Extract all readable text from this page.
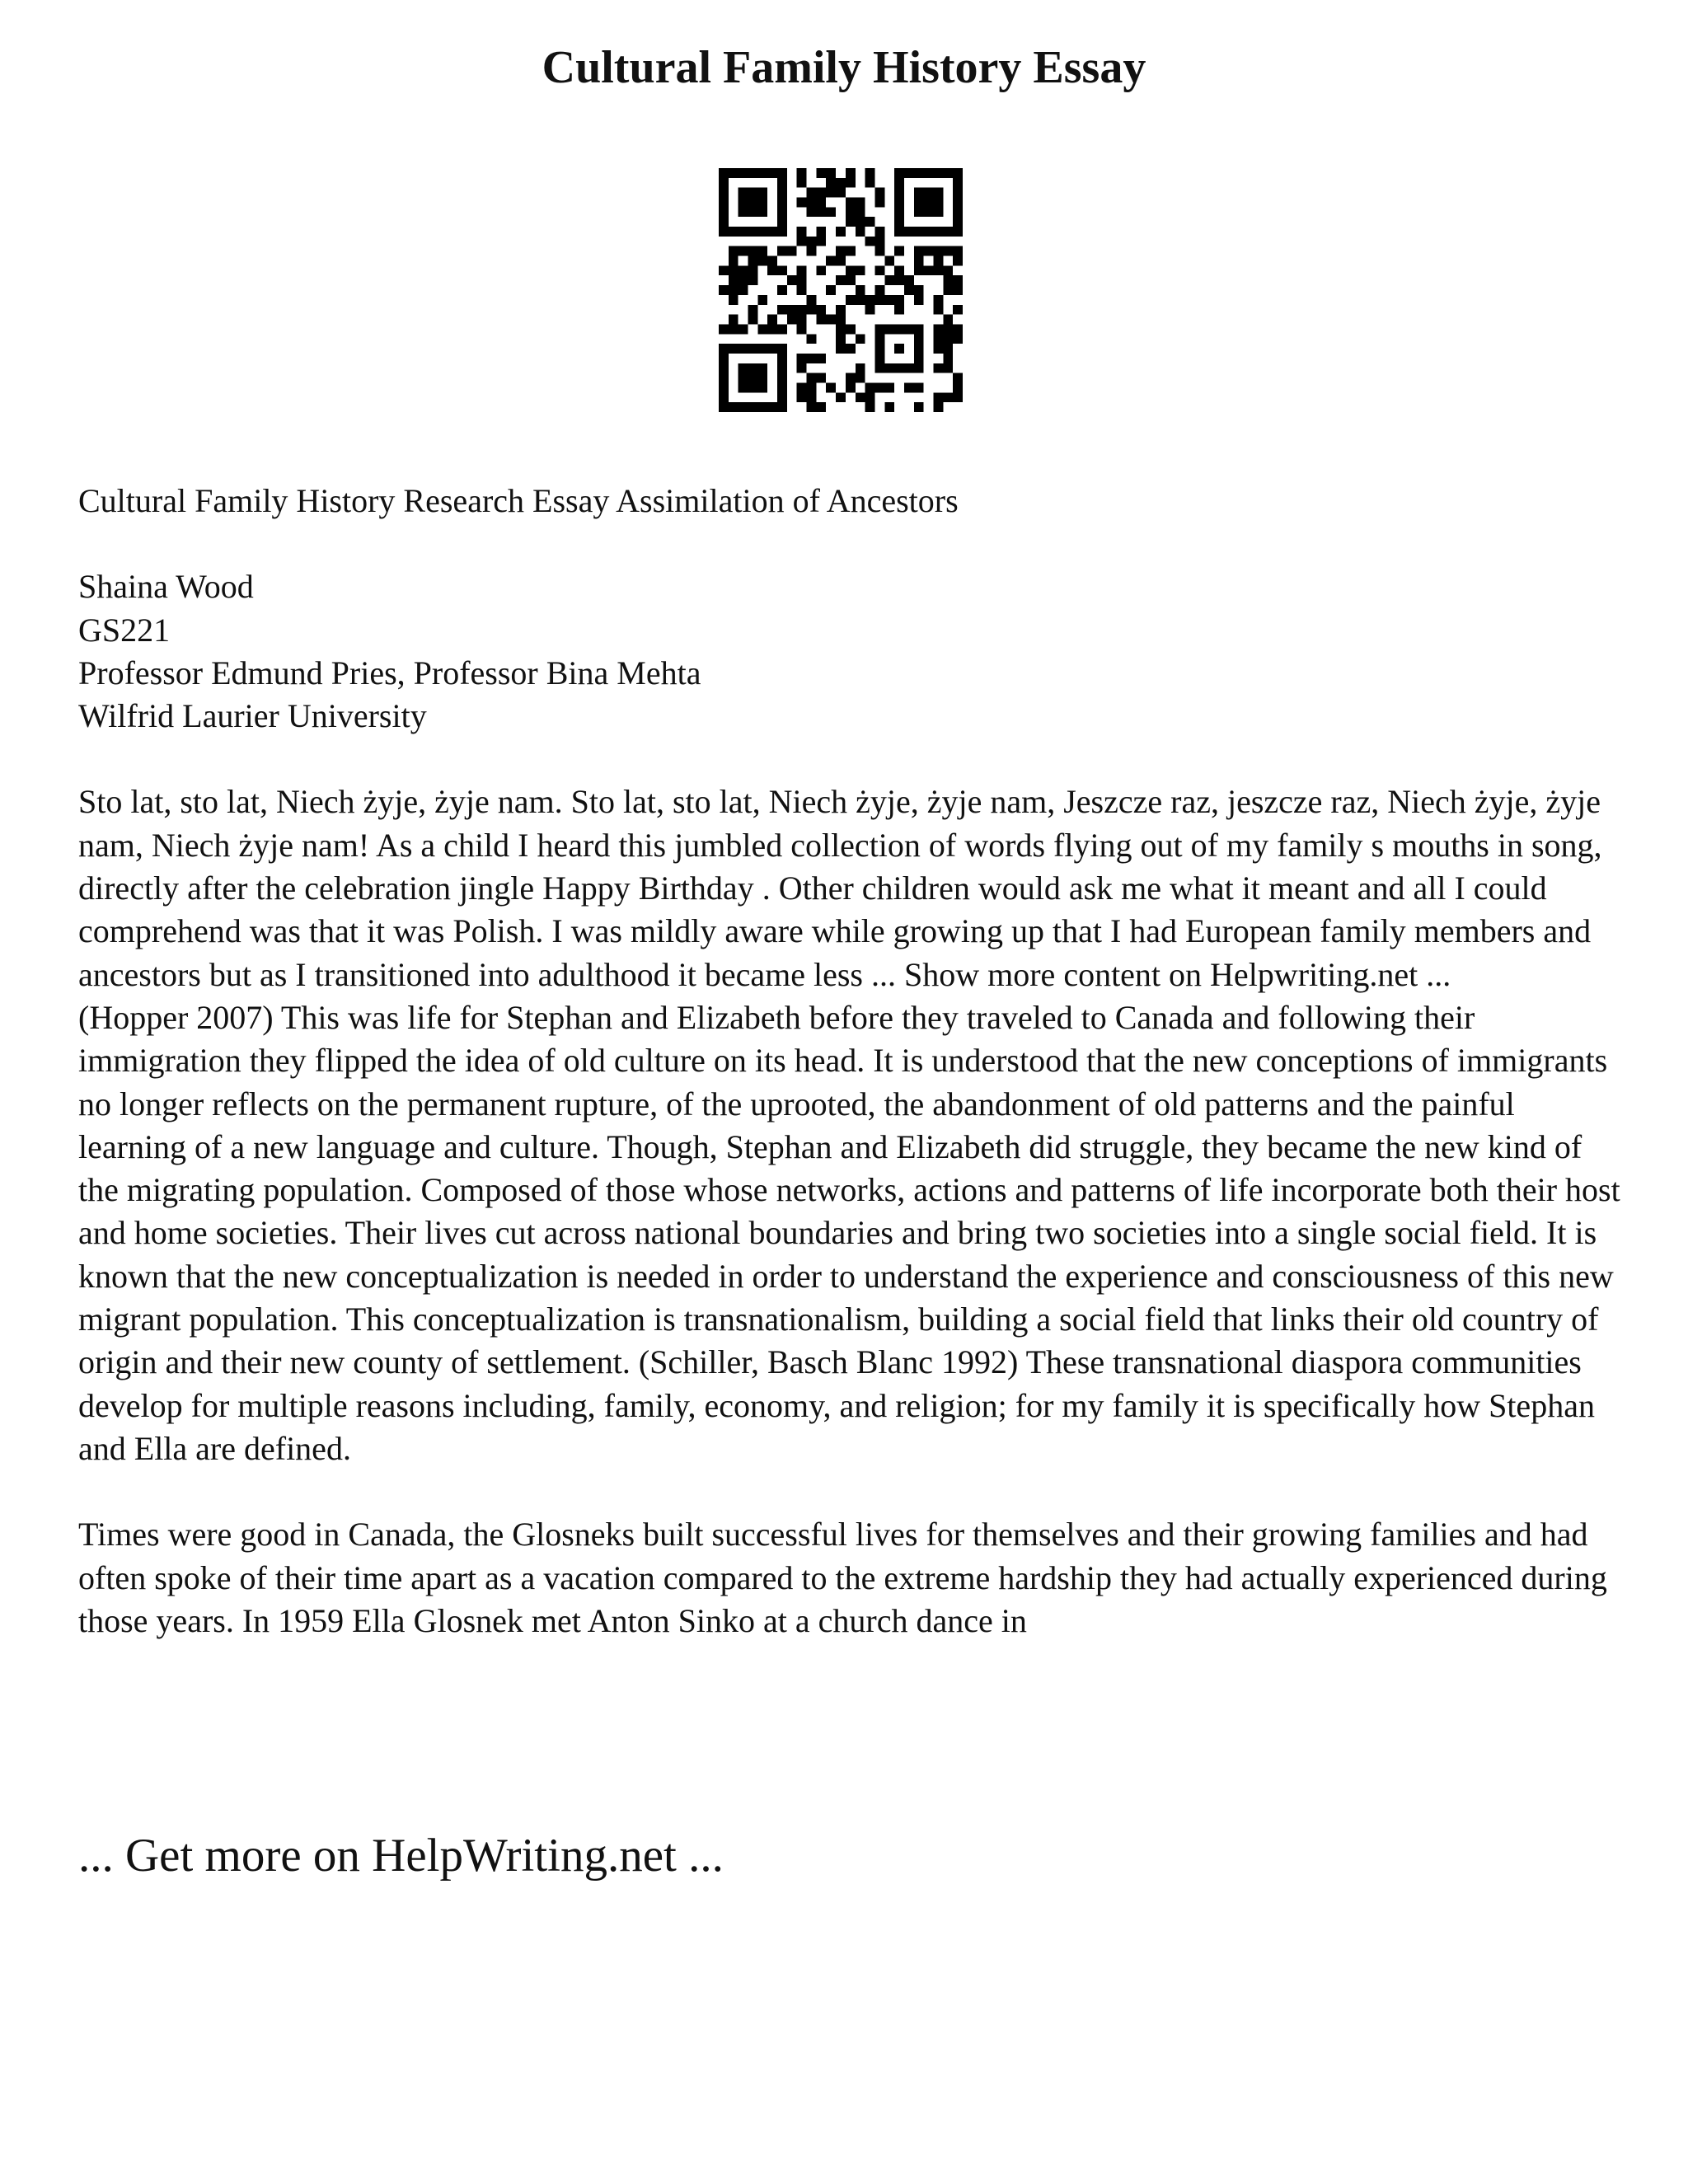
Cultural Family History Essay

Cultural Family History Research Essay Assimilation of Ancestors

Shaina Wood

GS221

Professor Edmund Pries, Professor Bina Mehta

Wilfrid Laurier University

Sto lat, sto lat, Niech żyje, żyje nam. Sto lat, sto lat, Niech żyje, żyje nam, Jeszcze raz, jeszcze raz, Niech żyje, żyje nam, Niech żyje nam! As a child I heard this jumbled collection of words flying out of my family s mouths in song, directly after the celebration jingle Happy Birthday . Other children would ask me what it meant and all I could comprehend was that it was Polish. I was mildly aware while growing up that I had European family members and ancestors but as I transitioned into adulthood it became less ... Show more content on Helpwriting.net ...

(Hopper 2007) This was life for Stephan and Elizabeth before they traveled to Canada and following their immigration they flipped the idea of old culture on its head. It is understood that the new conceptions of immigrants no longer reflects on the permanent rupture, of the uprooted, the abandonment of old patterns and the painful learning of a new language and culture. Though, Stephan and Elizabeth did struggle, they became the new kind of the migrating population. Composed of those whose networks, actions and patterns of life incorporate both their host and home societies. Their lives cut across national boundaries and bring two societies into a single social field. It is known that the new conceptualization is needed in order to understand the experience and consciousness of this new migrant population. This conceptualization is transnationalism, building a social field that links their old country of origin and their new county of settlement. (Schiller, Basch Blanc 1992) These transnational diaspora communities develop for multiple reasons including, family, economy, and religion; for my family it is specifically how Stephan and Ella are defined.

Times were good in Canada, the Glosneks built successful lives for themselves and their growing families and had often spoke of their time apart as a vacation compared to the extreme hardship they had actually experienced during those years. In 1959 Ella Glosnek met Anton Sinko at a church dance in

... Get more on HelpWriting.net ...
